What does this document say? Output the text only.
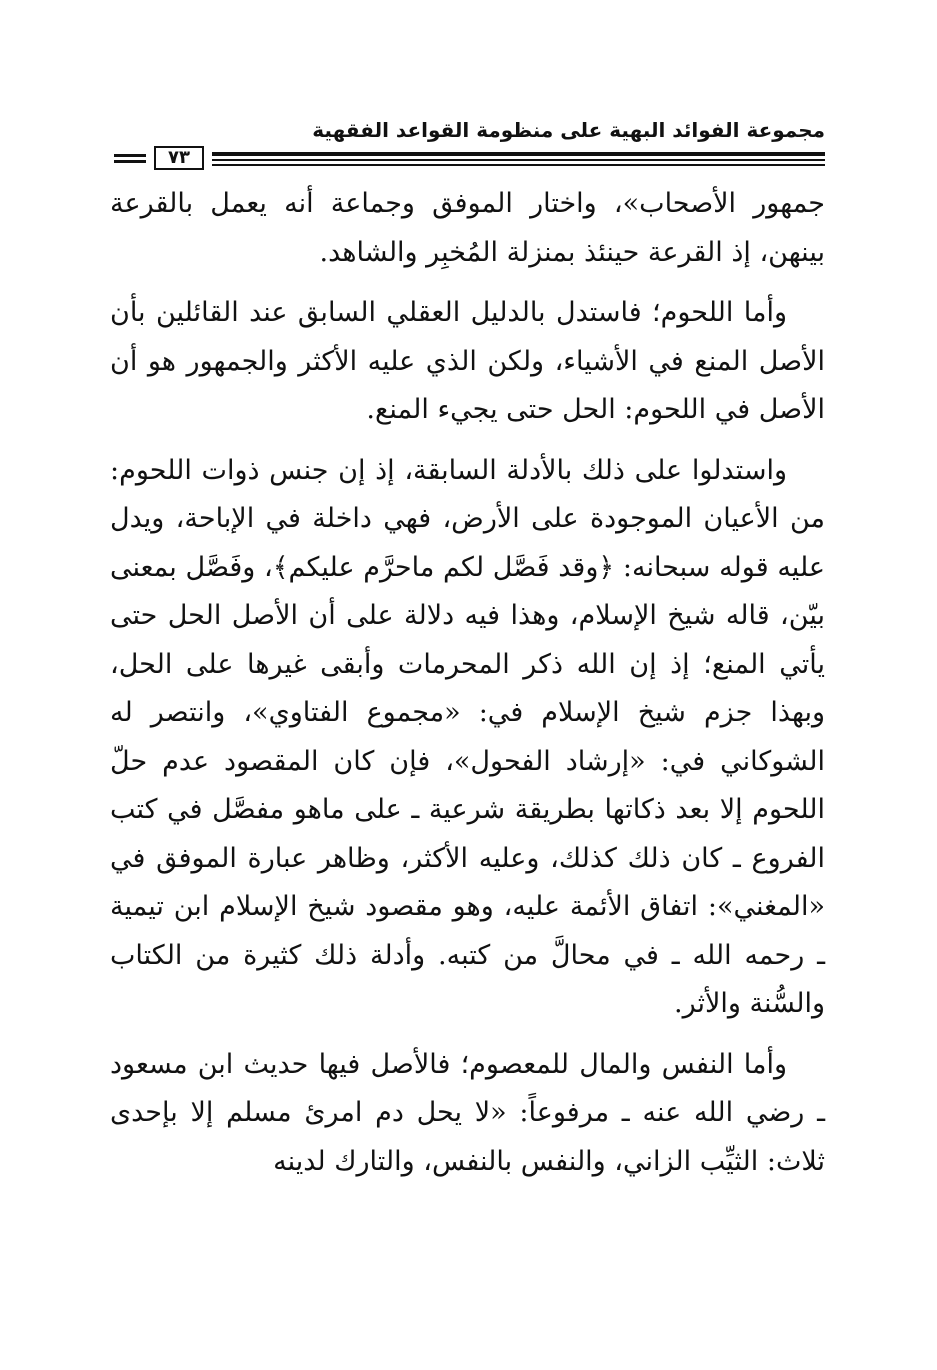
مجموعة الفوائد البهية على منظومة القواعد الفقهية
٧٣

جمهور الأصحاب»، واختار الموفق وجماعة أنه يعمل بالقرعة بينهن، إذ القرعة حينئذ بمنزلة المُخبِر والشاهد.

وأما اللحوم؛ فاستدل بالدليل العقلي السابق عند القائلين بأن الأصل المنع في الأشياء، ولكن الذي عليه الأكثر والجمهور هو أن الأصل في اللحوم: الحل حتى يجيء المنع.

واستدلوا على ذلك بالأدلة السابقة، إذ إن جنس ذوات اللحوم: من الأعيان الموجودة على الأرض، فهي داخلة في الإباحة، ويدل عليه قوله سبحانه: ﴿وقد فَصَّل لكم ماحرَّم عليكم﴾، وفَصَّل بمعنى بيّن، قاله شيخ الإسلام، وهذا فيه دلالة على أن الأصل الحل حتى يأتي المنع؛ إذ إن الله ذكر المحرمات وأبقى غيرها على الحل، وبهذا جزم شيخ الإسلام في: «مجموع الفتاوي»، وانتصر له الشوكاني في: «إرشاد الفحول»، فإن كان المقصود عدم حلّ اللحوم إلا بعد ذكاتها بطريقة شرعية ـ على ماهو مفصَّل في كتب الفروع ـ كان ذلك كذلك، وعليه الأكثر، وظاهر عبارة الموفق في «المغني»: اتفاق الأئمة عليه، وهو مقصود شيخ الإسلام ابن تيمية ـ رحمه الله ـ في محالَّ من كتبه. وأدلة ذلك كثيرة من الكتاب والسُّنة والأثر.

وأما النفس والمال للمعصوم؛ فالأصل فيها حديث ابن مسعود ـ رضي الله عنه ـ مرفوعاً: «لا يحل دم امرئ مسلم إلا بإحدى ثلاث: الثيِّب الزاني، والنفس بالنفس، والتارك لدينه
